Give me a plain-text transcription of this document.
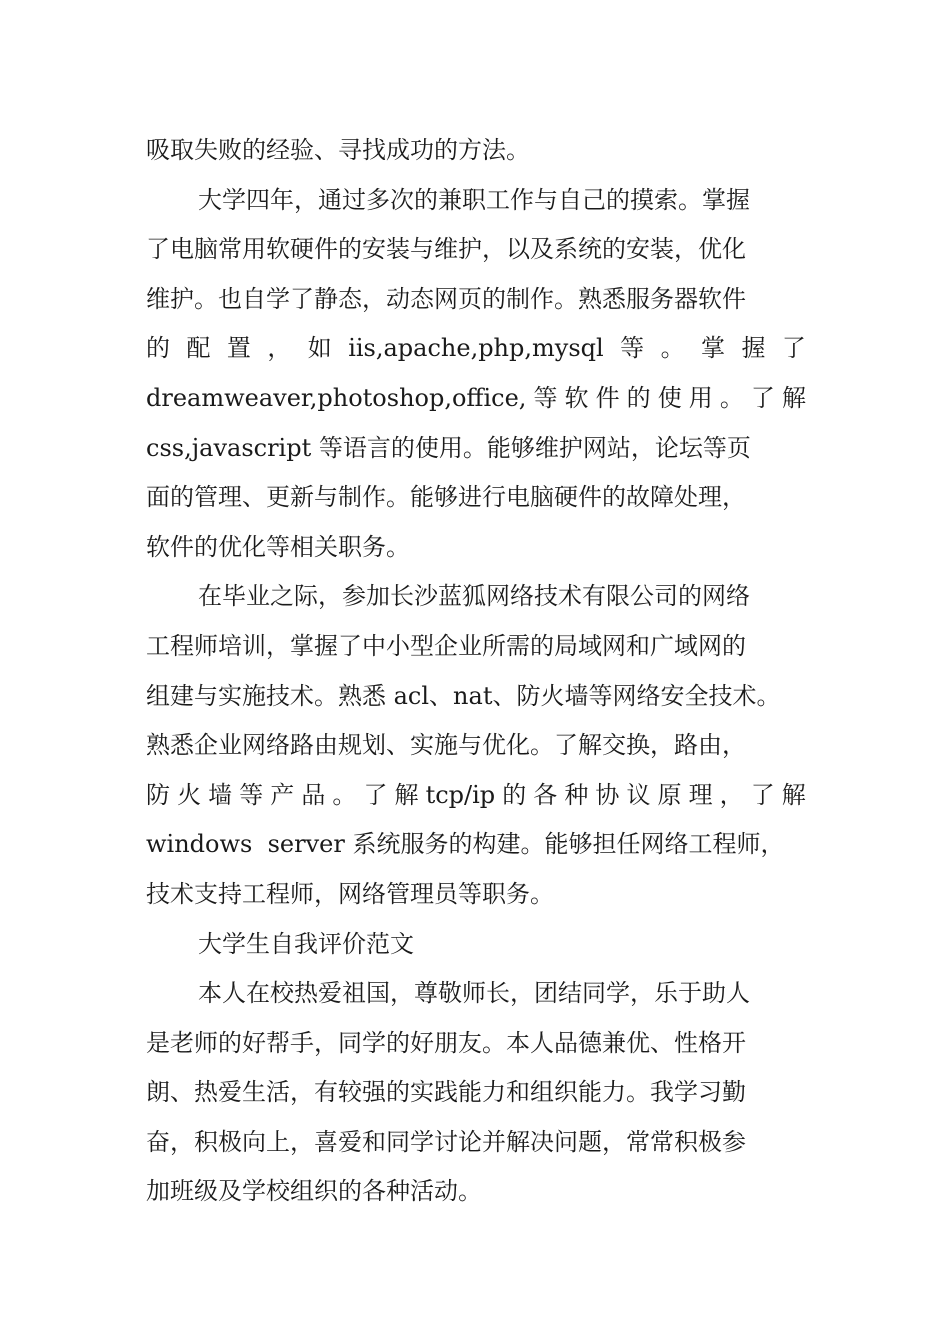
吸取失败的经验、寻找成功的方法。
大学四年，通过多次的兼职工作与自己的摸索。掌握
了电脑常用软硬件的安装与维护，以及系统的安装，优化
维护。也自学了静态，动态网页的制作。熟悉服务器软件
的 配 置 ， 如 iis,apache,php,mysql 等 。 掌 握 了
dreamweaver,photoshop,office, 等 软 件 的 使 用 。 了 解
css,javascript 等语言的使用。能够维护网站，论坛等页
面的管理、更新与制作。能够进行电脑硬件的故障处理，
软件的优化等相关职务。
在毕业之际，参加长沙蓝狐网络技术有限公司的网络
工程师培训，掌握了中小型企业所需的局域网和广域网的
组建与实施技术。熟悉 acl、nat、防火墙等网络安全技术。
熟悉企业网络路由规划、实施与优化。了解交换，路由，
防 火 墙 等 产 品 。 了 解 tcp/ip 的 各 种 协 议 原 理 ， 了 解
windows  server 系统服务的构建。能够担任网络工程师，
技术支持工程师，网络管理员等职务。
大学生自我评价范文
本人在校热爱祖国，尊敬师长，团结同学，乐于助人
是老师的好帮手，同学的好朋友。本人品德兼优、性格开
朗、热爱生活，有较强的实践能力和组织能力。我学习勤
奋，积极向上，喜爱和同学讨论并解决问题，常常积极参
加班级及学校组织的各种活动。
